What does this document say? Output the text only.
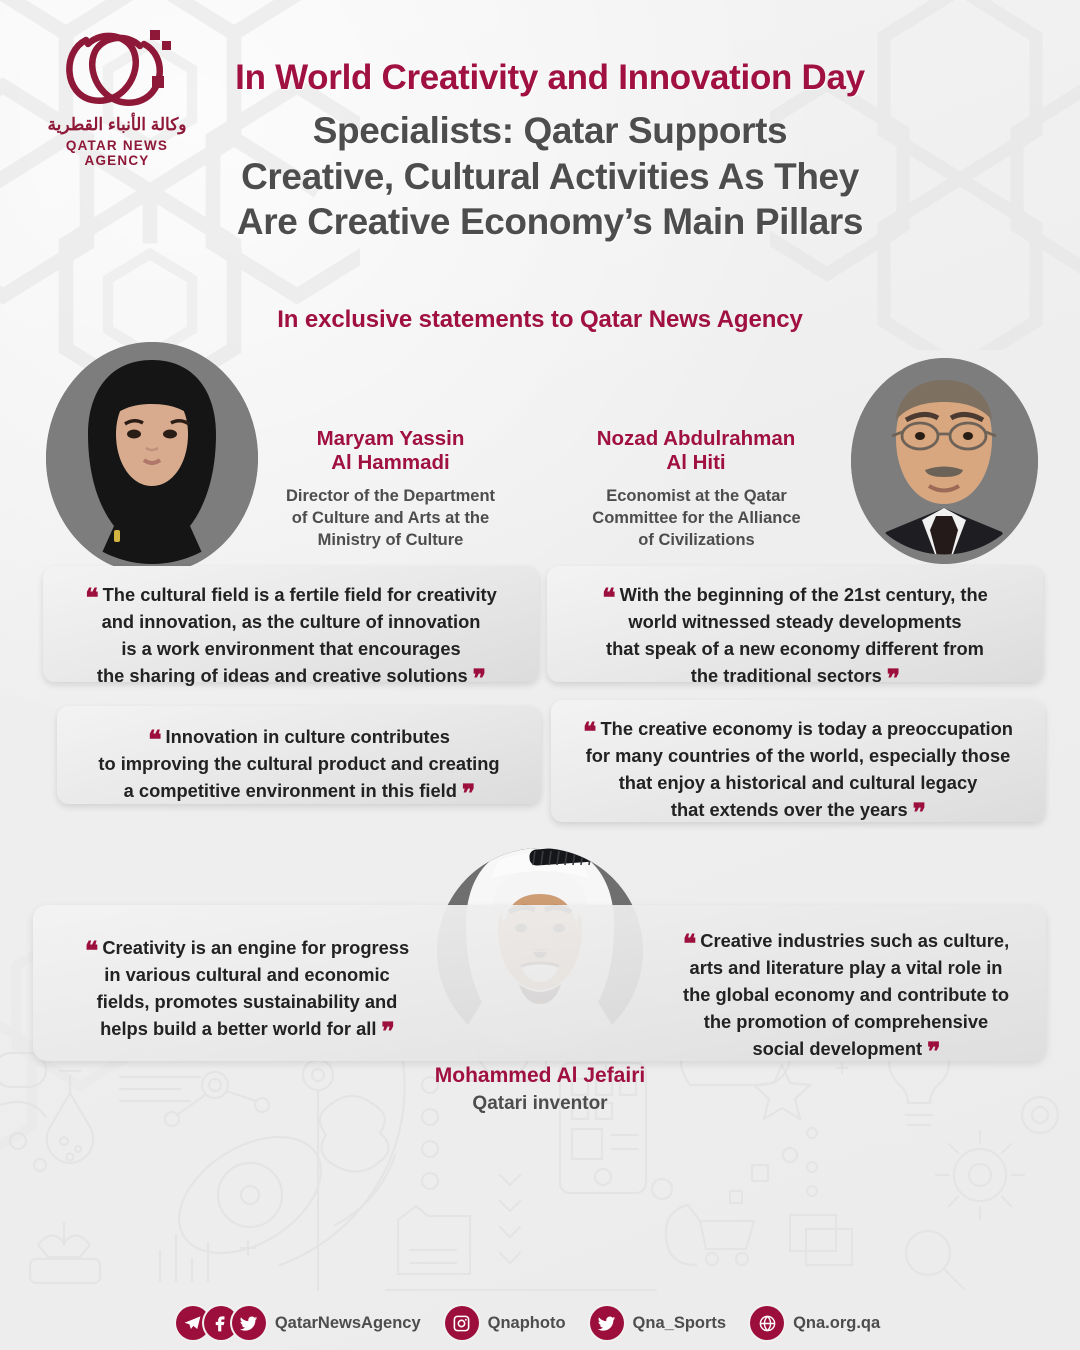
وكالة الأنباء القطرية
QATAR NEWS AGENCY
In World Creativity and Innovation Day
Specialists: Qatar Supports
Creative, Cultural Activities As They
Are Creative Economy’s Main Pillars
In exclusive statements to Qatar News Agency
Maryam Yassin
Al Hammadi
Director of the Department
of Culture and Arts at the
Ministry of Culture
Nozad Abdulrahman
Al Hiti
Economist at the Qatar
Committee for the Alliance
of Civilizations
❝ The cultural field is a fertile field for creativity
and innovation, as the culture of innovation
is a work environment that encourages
the sharing of ideas and creative solutions ❞
❝ With the beginning of the 21st century, the
world witnessed steady developments
that speak of a new economy different from
the traditional sectors ❞
❝ Innovation in culture contributes
to improving the cultural product and creating
a competitive environment in this field ❞
❝ The creative economy is today a preoccupation
for many countries of the world, especially those
that enjoy a historical and cultural legacy
that extends over the years ❞
❝ Creativity is an engine for progress
in various cultural and economic
fields, promotes sustainability and
helps build a better world for all ❞
❝ Creative industries such as culture,
arts and literature play a vital role in
the global economy and contribute to
the promotion of comprehensive
social development ❞
Mohammed Al Jefairi
Qatari inventor
QatarNewsAgency	Qnaphoto	Qna_Sports	Qna.org.qa
